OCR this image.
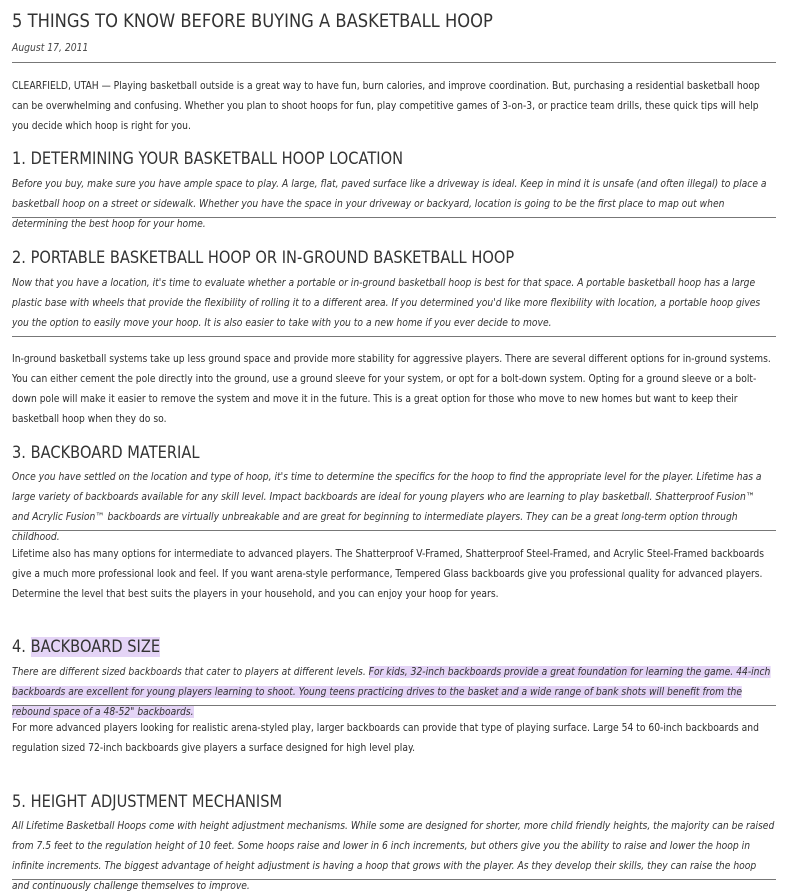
5 THINGS TO KNOW BEFORE BUYING A BASKETBALL HOOP
August 17, 2011

CLEARFIELD, UTAH — Playing basketball outside is a great way to have fun, burn calories, and improve coordination. But, purchasing a residential basketball hoop can be overwhelming and confusing. Whether you plan to shoot hoops for fun, play competitive games of 3-on-3, or practice team drills, these quick tips will help you decide which hoop is right for you.

1. DETERMINING YOUR BASKETBALL HOOP LOCATION

Before you buy, make sure you have ample space to play. A large, flat, paved surface like a driveway is ideal. Keep in mind it is unsafe (and often illegal) to place a basketball hoop on a street or sidewalk. Whether you have the space in your driveway or backyard, location is going to be the first place to map out when determining the best hoop for your home.

2. PORTABLE BASKETBALL HOOP OR IN-GROUND BASKETBALL HOOP

Now that you have a location, it's time to evaluate whether a portable or in-ground basketball hoop is best for that space. A portable basketball hoop has a large plastic base with wheels that provide the flexibility of rolling it to a different area. If you determined you'd like more flexibility with location, a portable hoop gives you the option to easily move your hoop. It is also easier to take with you to a new home if you ever decide to move.

In-ground basketball systems take up less ground space and provide more stability for aggressive players. There are several different options for in-ground systems. You can either cement the pole directly into the ground, use a ground sleeve for your system, or opt for a bolt-down system. Opting for a ground sleeve or a bolt-down pole will make it easier to remove the system and move it in the future. This is a great option for those who move to new homes but want to keep their basketball hoop when they do so.

3. BACKBOARD MATERIAL

Once you have settled on the location and type of hoop, it's time to determine the specifics for the hoop to find the appropriate level for the player. Lifetime has a large variety of backboards available for any skill level. Impact backboards are ideal for young players who are learning to play basketball. Shatterproof Fusion™ and Acrylic Fusion™ backboards are virtually unbreakable and are great for beginning to intermediate players. They can be a great long-term option through childhood.

Lifetime also has many options for intermediate to advanced players. The Shatterproof V-Framed, Shatterproof Steel-Framed, and Acrylic Steel-Framed backboards give a much more professional look and feel. If you want arena-style performance, Tempered Glass backboards give you professional quality for advanced players. Determine the level that best suits the players in your household, and you can enjoy your hoop for years.

4. BACKBOARD SIZE

There are different sized backboards that cater to players at different levels. For kids, 32-inch backboards provide a great foundation for learning the game. 44-inch backboards are excellent for young players learning to shoot. Young teens practicing drives to the basket and a wide range of bank shots will benefit from the rebound space of a 48-52" backboards.

For more advanced players looking for realistic arena-styled play, larger backboards can provide that type of playing surface. Large 54 to 60-inch backboards and regulation sized 72-inch backboards give players a surface designed for high level play.

5. HEIGHT ADJUSTMENT MECHANISM

All Lifetime Basketball Hoops come with height adjustment mechanisms. While some are designed for shorter, more child friendly heights, the majority can be raised from 7.5 feet to the regulation height of 10 feet. Some hoops raise and lower in 6 inch increments, but others give you the ability to raise and lower the hoop in infinite increments. The biggest advantage of height adjustment is having a hoop that grows with the player. As they develop their skills, they can raise the hoop and continuously challenge themselves to improve.
